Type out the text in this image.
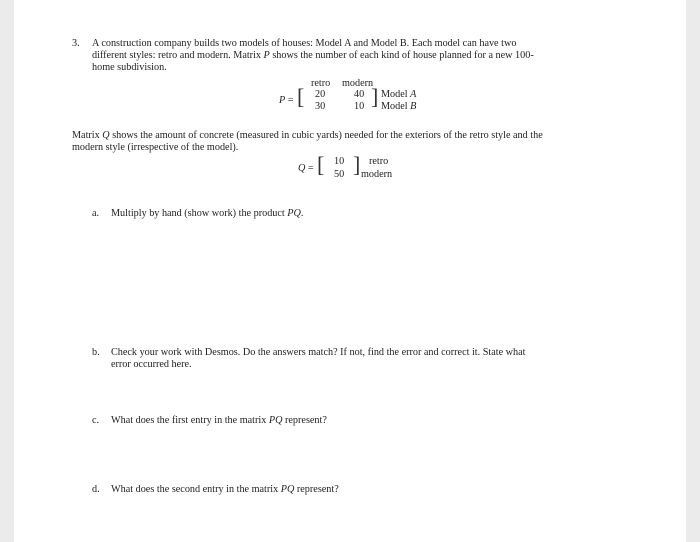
3. A construction company builds two models of houses: Model A and Model B. Each model can have two
different styles: retro and modern. Matrix P shows the number of each kind of house planned for a new 100-
home subdivision.
retro modern
P = [ 20	40
30	10 ] Model A
Model B
Matrix Q shows the amount of concrete (measured in cubic yards) needed for the exteriors of the retro style and the
modern style (irrespective of the model).
Q = [ 10
50 ] retro
modern
a. Multiply by hand (show work) the product PQ.
b. Check your work with Desmos. Do the answers match? If not, find the error and correct it. State what
error occurred here.
c. What does the first entry in the matrix PQ represent?
d. What does the second entry in the matrix PQ represent?
